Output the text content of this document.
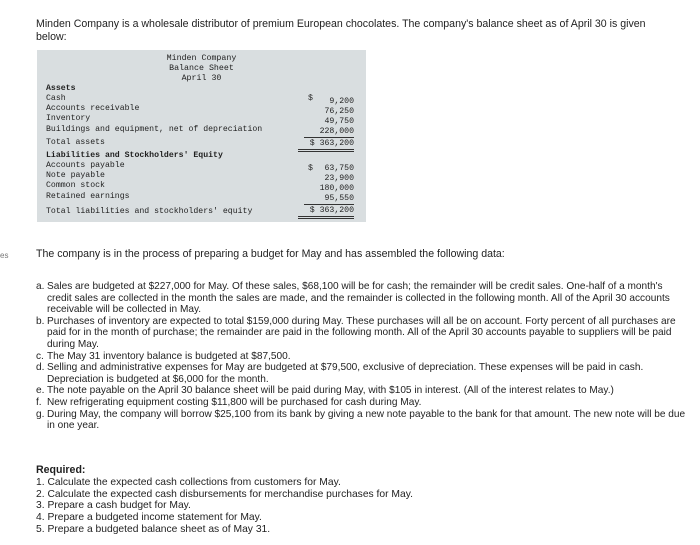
Minden Company is a wholesale distributor of premium European chocolates. The company's balance sheet as of April 30 is given below:
Minden Company
Balance Sheet
April 30
Assets
Cash	$	9,200
Accounts receivable	76,250
Inventory	49,750
Buildings and equipment, net of depreciation	228,000
Total assets	$ 363,200
Liabilities and Stockholders' Equity
Accounts payable	$	63,750
Note payable	23,900
Common stock	180,000
Retained earnings	95,550
Total liabilities and stockholders' equity	$ 363,200
es	The company is in the process of preparing a budget for May and has assembled the following data:
a. Sales are budgeted at $227,000 for May. Of these sales, $68,100 will be for cash; the remainder will be credit sales. One-half of a month's credit sales are collected in the month the sales are made, and the remainder is collected in the following month. All of the April 30 accounts receivable will be collected in May.
b. Purchases of inventory are expected to total $159,000 during May. These purchases will all be on account. Forty percent of all purchases are paid for in the month of purchase; the remainder are paid in the following month. All of the April 30 accounts payable to suppliers will be paid during May.
c. The May 31 inventory balance is budgeted at $87,500.
d. Selling and administrative expenses for May are budgeted at $79,500, exclusive of depreciation. These expenses will be paid in cash. Depreciation is budgeted at $6,000 for the month.
e. The note payable on the April 30 balance sheet will be paid during May, with $105 in interest. (All of the interest relates to May.)
f. New refrigerating equipment costing $11,800 will be purchased for cash during May.
g. During May, the company will borrow $25,100 from its bank by giving a new note payable to the bank for that amount. The new note will be due in one year.
Required:
1. Calculate the expected cash collections from customers for May.
2. Calculate the expected cash disbursements for merchandise purchases for May.
3. Prepare a cash budget for May.
4. Prepare a budgeted income statement for May.
5. Prepare a budgeted balance sheet as of May 31.
